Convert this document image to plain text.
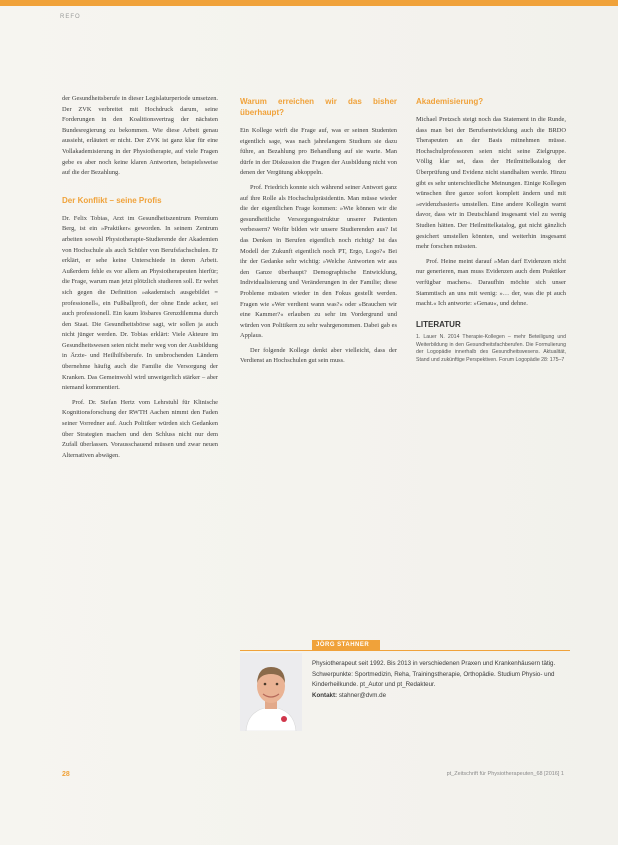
REFO

der Gesundheitsberufe in dieser Legislaturperiode umsetzen. Der ZVK verbreitet mit Hochdruck darum, seine Forderungen in den Koalitionsvertrag der nächsten Bundesregierung zu bekommen. Wie diese Arbeit genau aussieht, erläutert er nicht. Der ZVK ist ganz klar für eine Vollakademisierung in der Physiotherapie, auf viele Fragen gebe es aber noch keine klaren Antworten, beispielsweise auf die der Bezahlung.

Der Konflikt – seine Profis

Dr. Felix Tobias, Arzt im Gesundheitszentrum Premium Berg, ist ein »Praktiker« geworden. In seinem Zentrum arbeiten sowohl Physiotherapie-Studierende der Akademien von Hochschule als auch Schüler von Berufsfachschulen. Er erklärt, er sehe keine Unterschiede in deren Arbeit. Außerdem fehle es vor allem an Physiotherapeuten hierfür; die Frage, warum man jetzt plötzlich studieren soll. Er wehrt sich gegen die Definition »akademisch ausgebildet = professionell«, ein Fußballprofi, der ohne Ende acker, sei auch professionell. Ein kaum lösbares Grenzdilemma durch den Staat. Die Gesundheitsbörse sagt, wir sollen ja auch nicht jünger werden. Dr. Tobias erklärt: Viele Akteure im Gesundheitswesen seien nicht mehr weg von der Ausbildung in Ärzte- und Heilhilfsberufe. In umbrochenden Ländern übernehme häufig auch die Familie die Versorgung der Kranken. Das Gemeinwohl wird unweigerlich stärker – aber niemand kommentiert.

Prof. Dr. Stefan Hertz vom Lehrstuhl für Klinische Kognitionsforschung der RWTH Aachen nimmt den Faden seiner Vorredner auf. Auch Politiker würden sich Gedanken über Strategien machen und den Schluss nicht nur dem Zufall überlassen. Vorausschauend müssen und zwar neuen Alternativen abwägen.

Warum erreichen wir das bisher überhaupt?

Ein Kollege wirft die Frage auf, was er seinen Studenten eigentlich sage, was nach jahrelangem Studium sie dazu führe, an Bezahlung pro Behandlung auf sie warte. Man dürfe in der Diskussion die Fragen der Ausbildung nicht von denen der Vergütung abkoppeln.

Prof. Friedrich konnte sich während seiner Antwort ganz auf ihre Rolle als Hochschulpräsidentin. Man müsse wieder die der eigentlichen Frage kommen: »Wie können wir die gesundheitliche Versorgungsstruktur unserer Patienten verbessern? Wofür bilden wir unsere Studierenden aus? Ist das Denken in Berufen eigentlich noch richtig? Ist das Modell der Zukunft eigentlich noch PT, Ergo, Logo?« Bei ihr der Gedanke sehr wichtig: »Welche Antworten wir aus den Ganze überhaupt? Demographische Entwicklung, Individualisierung und Veränderungen in der Familie; diese Probleme müssten wieder in den Fokus gestellt werden. Fragen wie »Wer verdient wann was?« oder »Brauchen wir eine Kammer?« erlauben zu sehr im Vordergrund und würden von Politikern zu sehr wahrgenommen. Dabei gab es Applaus.

Der folgende Kollege denkt aber vielleicht, dass der Verdienst an Hochschulen gut sein muss.

Akademisierung?

Michael Pretzsch steigt noch das Statement in die Runde, dass man bei der Berufsentwicklung auch die BRDO Therapeuten an der Basis mitnehmen müsse. Hochschulprofessoren seien nicht seine Zielgruppe. Völlig klar sei, dass der Heilmittelkatalog der Überprüfung und Evidenz nicht standhalten werde. Hinzu gibt es sehr unterschiedliche Meinungen. Einige Kollegen wünschen ihre ganze sofort komplett ändern und mit »evidenzbasiert« umstellen. Eine andere Kollegin warnt davor, dass wir in Deutschland insgesamt viel zu wenig Studien hätten. Der Heilmittelkatalog, gut nicht gänzlich gesichert umstellen könnten, und weiterhin insgesamt mehr forschen müssten.

Prof. Heine meint darauf »Man darf Evidenzen nicht nur generieren, man muss Evidenzen auch dem Praktiker verfügbar machen«. Daraufhin möchte sich unser Stammtisch an uns mit wenig: »… der, was die pt auch macht.« Ich antworte: »Genau«, und dehne.

LITERATUR
1. Lauer N. 2014 Therapie-Kollegen – mehr Beteiligung und Weiterbildung in den Gesundheitsfachberufen. Die Formulierung der Logopädie innerhalb des Gesundheitswesens. Aktualität, Stand und zukünftige Perspektiven. Forum Logopädie 28: 175–7
JÖRG STAHNER
Physiotherapeut seit 1992. Bis 2013 in verschiedenen Praxen und Krankenhäusern tätig. Schwerpunkte: Sportmedizin, Reha, Trainingstherapie, Orthopädie. Studium Physio- und Kinderheilkunde. pt_Autor und pt_Redakteur.
Kontakt: stahner@dvm.de
28	pt_Zeitschrift für Physiotherapeuten_68 [2016] 1
